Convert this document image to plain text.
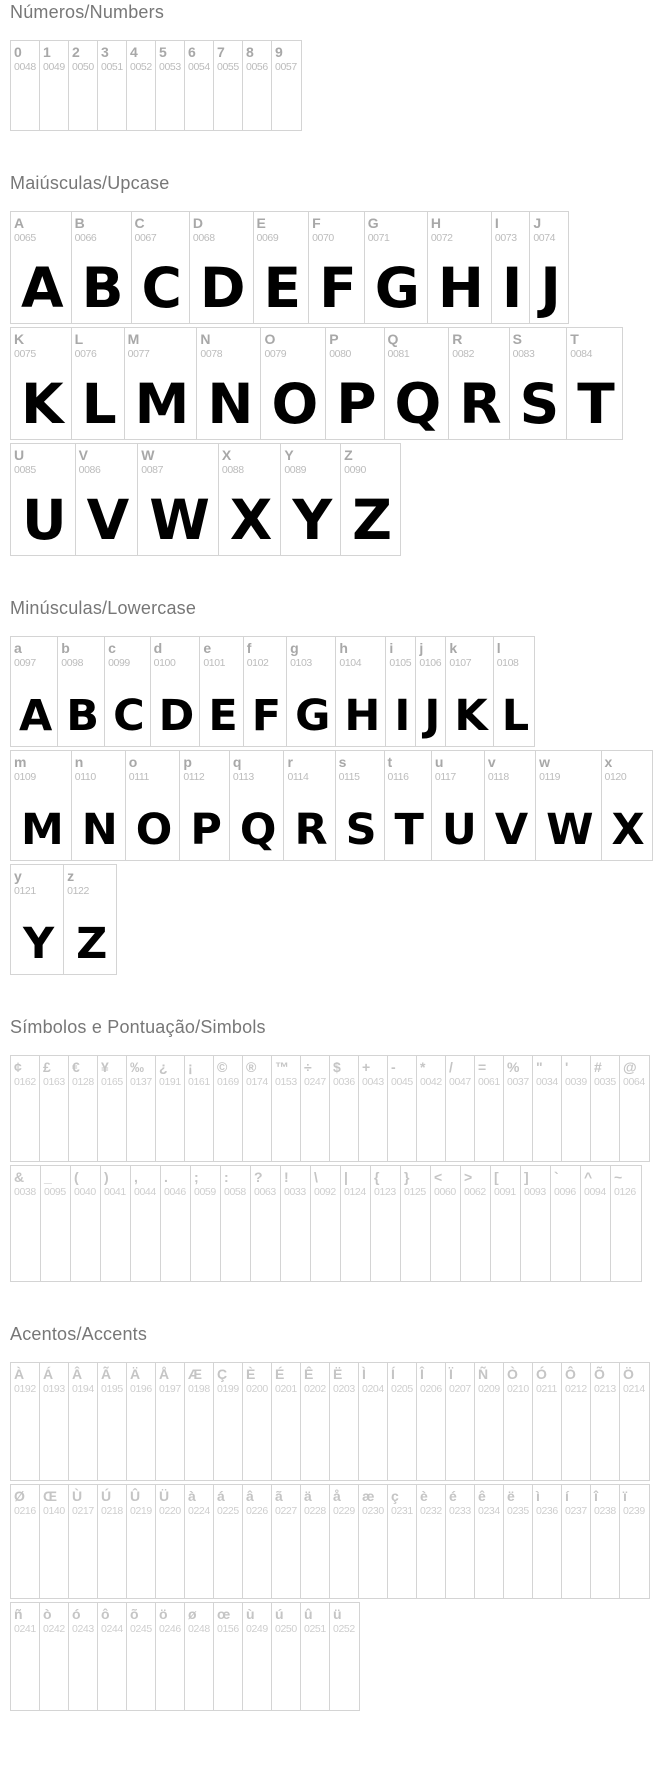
Números/Numbers
0
0048
1
0049
2
0050
3
0051
4
0052
5
0053
6
0054
7
0055
8
0056
9
0057
Maiúsculas/Upcase
A
0065
A
B
0066
B
C
0067
C
D
0068
D
E
0069
E
F
0070
F
G
0071
G
H
0072
H
I
0073
I
J
0074
J
K
0075
K
L
0076
L
M
0077
M
N
0078
N
O
0079
O
P
0080
P
Q
0081
Q
R
0082
R
S
0083
S
T
0084
T
U
0085
U
V
0086
V
W
0087
W
X
0088
X
Y
0089
Y
Z
0090
Z
Minúsculas/Lowercase
a
0097
A
b
0098
B
c
0099
C
d
0100
D
e
0101
E
f
0102
F
g
0103
G
h
0104
H
i
0105
I
j
0106
J
k
0107
K
l
0108
L
m
0109
M
n
0110
N
o
0111
O
p
0112
P
q
0113
Q
r
0114
R
s
0115
S
t
0116
T
u
0117
U
v
0118
V
w
0119
W
x
0120
X
y
0121
Y
z
0122
Z
Símbolos e Pontuação/Simbols
¢
0162
£
0163
€
0128
¥
0165
‰
0137
¿
0191
¡
0161
©
0169
®
0174
™
0153
÷
0247
$
0036
+
0043
-
0045
*
0042
/
0047
=
0061
%
0037
"
0034
'
0039
#
0035
@
0064
&
0038
_
0095
(
0040
)
0041
,
0044
.
0046
;
0059
:
0058
?
0063
!
0033
\
0092
|
0124
{
0123
}
0125
<
0060
>
0062
[
0091
]
0093
`
0096
^
0094
~
0126
Acentos/Accents
À
0192
Á
0193
Â
0194
Ã
0195
Ä
0196
Å
0197
Æ
0198
Ç
0199
È
0200
É
0201
Ê
0202
Ë
0203
Ì
0204
Í
0205
Î
0206
Ï
0207
Ñ
0209
Ò
0210
Ó
0211
Ô
0212
Õ
0213
Ö
0214
Ø
0216
Œ
0140
Ù
0217
Ú
0218
Û
0219
Ü
0220
à
0224
á
0225
â
0226
ã
0227
ä
0228
å
0229
æ
0230
ç
0231
è
0232
é
0233
ê
0234
ë
0235
ì
0236
í
0237
î
0238
ï
0239
ñ
0241
ò
0242
ó
0243
ô
0244
õ
0245
ö
0246
ø
0248
œ
0156
ù
0249
ú
0250
û
0251
ü
0252
